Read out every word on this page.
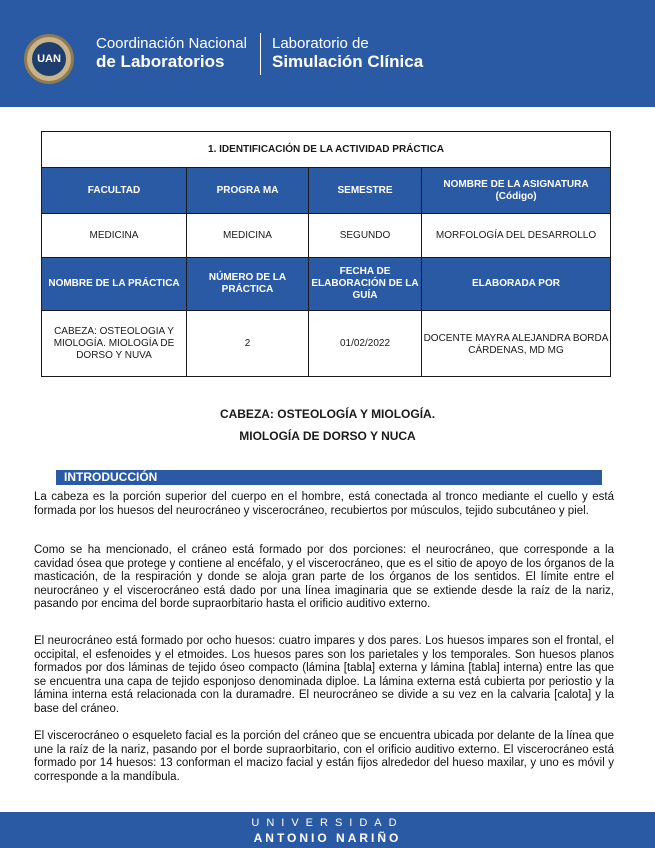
UAN
Coordinación Nacional
de Laboratorios
Laboratorio de
Simulación Clínica
1. IDENTIFICACIÓN DE LA ACTIVIDAD PRÁCTICA			
FACULTAD	PROGRA MA	SEMESTRE	NOMBRE DE LA ASIGNATURA
(Código)

MEDICINA	MEDICINA	SEGUNDO	MORFOLOGÍA DEL DESARROLLO
NOMBRE DE LA PRÁCTICA	NÚMERO DE LA PRÁCTICA	FECHA DE ELABORACIÓN DE LA GUÍA	ELABORADA POR
CABEZA: OSTEOLOGIA Y MIOLOGÍA. MIOLOGÍA DE DORSO Y NUVA	2	01/02/2022	DOCENTE MAYRA ALEJANDRA BORDA CÁRDENAS, MD MG
CABEZA: OSTEOLOGÍA Y MIOLOGÍA.
MIOLOGÍA DE DORSO Y NUCA
INTRODUCCIÓN

La cabeza es la porción superior del cuerpo en el hombre, está conectada al tronco mediante el cuello y está formada por los huesos del neurocráneo y viscerocráneo, recubiertos por músculos, tejido subcutáneo y piel.

Como se ha mencionado, el cráneo está formado por dos porciones: el neurocráneo, que corresponde a la cavidad ósea que protege y contiene al encéfalo, y el viscerocráneo, que es el sitio de apoyo de los órganos de la masticación, de la respiración y donde se aloja gran parte de los órganos de los sentidos. El límite entre el neurocráneo y el viscerocráneo está dado por una línea imaginaria que se extiende desde la raíz de la nariz, pasando por encima del borde supraorbitario hasta el orificio auditivo externo.

El neurocráneo está formado por ocho huesos: cuatro impares y dos pares. Los huesos impares son el frontal, el occipital, el esfenoides y el etmoides. Los huesos pares son los parietales y los temporales. Son huesos planos formados por dos láminas de tejido óseo compacto (lámina [tabla] externa y lámina [tabla] interna) entre las que se encuentra una capa de tejido esponjoso denominada diploe. La lámina externa está cubierta por periostio y la lámina interna está relacionada con la duramadre. El neurocráneo se divide a su vez en la calvaria [calota] y la base del cráneo.

El viscerocráneo o esqueleto facial es la porción del cráneo que se encuentra ubicada por delante de la línea que une la raíz de la nariz, pasando por el borde supraorbitario, con el orificio auditivo externo. El viscerocráneo está formado por 14 huesos: 13 conforman el macizo facial y están fijos alrededor del hueso maxilar, y uno es móvil y corresponde a la mandíbula.

UNIVERSIDAD
ANTONIO NARIÑO
